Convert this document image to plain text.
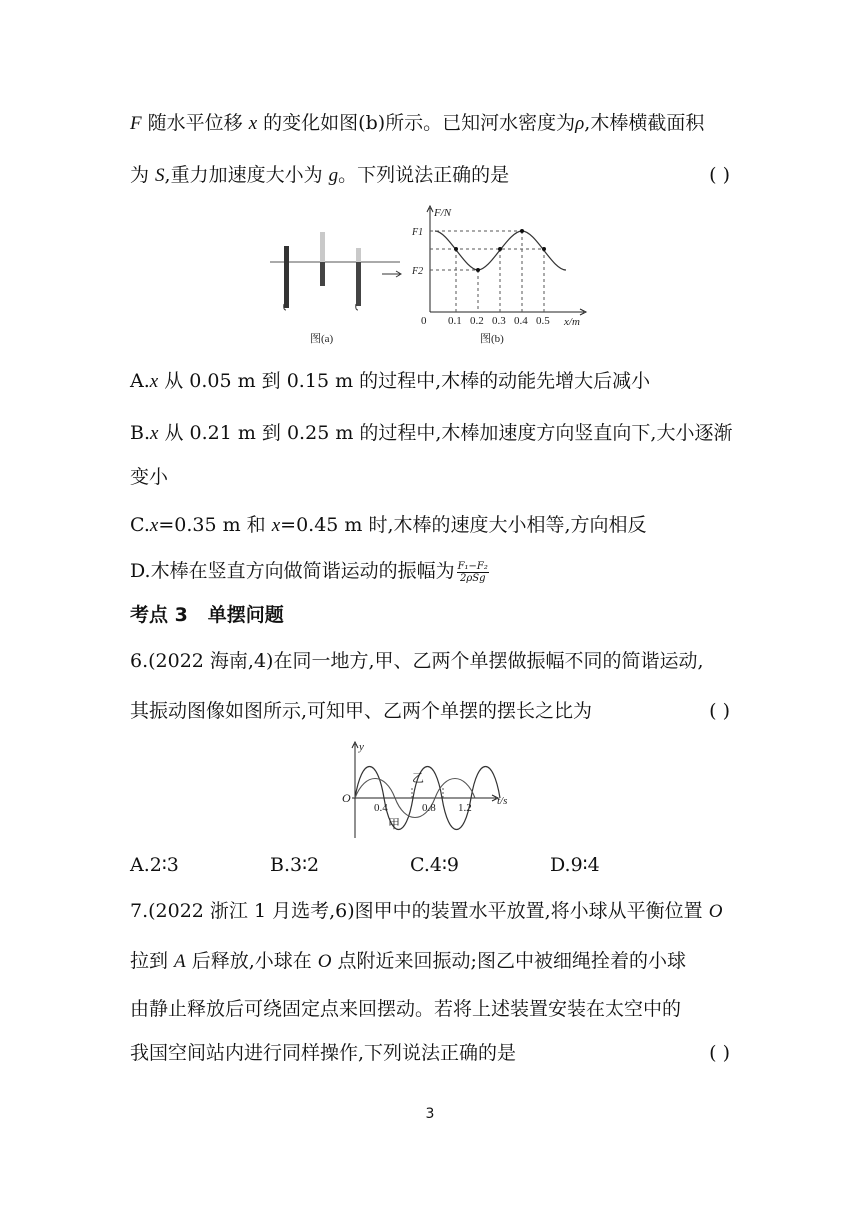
F 随水平位移 x 的变化如图(b)所示。已知河水密度为ρ,木棒横截面积
为 S,重力加速度大小为 g。下列说法正确的是	( )
图(a)
F/N
F1
F2
0 0.1 0.2 0.3 0.4 0.5 x/m
图(b)
A.x 从 0.05 m 到 0.15 m 的过程中,木棒的动能先增大后减小
B.x 从 0.21 m 到 0.25 m 的过程中,木棒加速度方向竖直向下,大小逐渐
变小
C.x=0.35 m 和 x=0.45 m 时,木棒的速度大小相等,方向相反
D.木棒在竖直方向做简谐运动的振幅为 $\frac{\text{F₁−F₂}}{\text{2ρSg}}$
考点 3 单摆问题
6.(2022 海南,4)在同一地方,甲、乙两个单摆做振幅不同的简谐运动,
其振动图像如图所示,可知甲、乙两个单摆的摆长之比为	( )
y
O
0.4	0.8 1.2
t/s
乙
甲
A.2∶3	B.3∶2	C.4∶9	D.9∶4
7.(2022 浙江 1 月选考,6)图甲中的装置水平放置,将小球从平衡位置 O
拉到 A 后释放,小球在 O 点附近来回振动;图乙中被细绳拴着的小球
由静止释放后可绕固定点来回摆动。若将上述装置安装在太空中的
我国空间站内进行同样操作,下列说法正确的是	( )
3
